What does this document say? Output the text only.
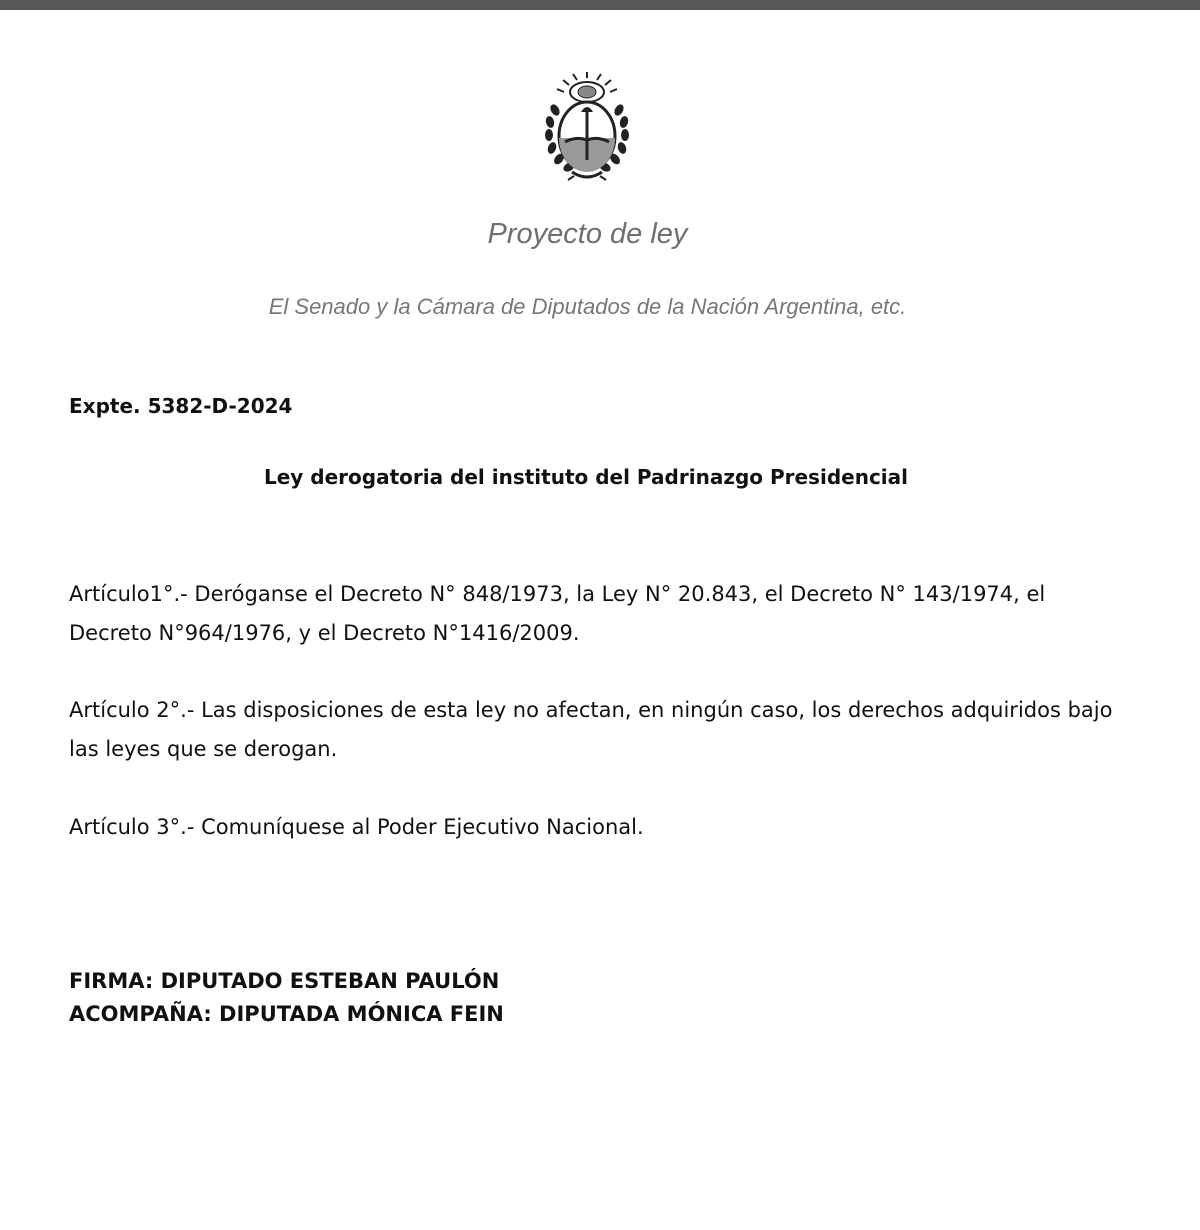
Proyecto de ley
El Senado y la Cámara de Diputados de la Nación Argentina, etc.
Expte. 5382-D-2024
Ley derogatoria del instituto del Padrinazgo Presidencial
Artículo1°.- Deróganse el Decreto N° 848/1973, la Ley N° 20.843, el Decreto N° 143/1974, el Decreto N°964/1976, y el Decreto N°1416/2009.
Artículo 2°.- Las disposiciones de esta ley no afectan, en ningún caso, los derechos adquiridos bajo las leyes que se derogan.
Artículo 3°.- Comuníquese al Poder Ejecutivo Nacional.
FIRMA: DIPUTADO ESTEBAN PAULÓN
ACOMPAÑA: DIPUTADA MÓNICA FEIN
